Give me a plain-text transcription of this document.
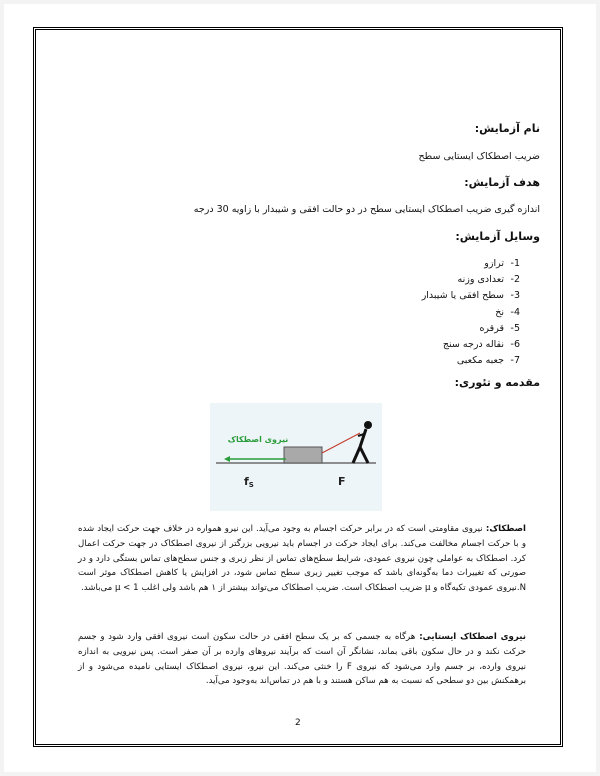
نام آزمایش:
ضریب اصطکاک ایستایی سطح
هدف آزمایش:
اندازه گیری ضریب اصطکاک ایستایی سطح در دو حالت افقی و شیبدار با زاویه 30 درجه
وسایل آزمایش:
1-ترازو
2-تعدادی وزنه
3-سطح افقی یا شیبدار
4-نخ
5-قرقره
6-نقاله درجه سنج
7-جعبه مکعبی
مقدمه و تئوری:
نیروی اصطکاک
fS	F
اصطکاک: نیروی مقاومتی است که در برابر حرکت اجسام به وجود می‌آید. این نیرو همواره در خلاف جهت حرکت ایجاد شده و با حرکت اجسام مخالفت می‌کند. برای ایجاد حرکت در اجسام باید نیرویی بزرگتر از نیروی اصطکاک در جهت حرکت اعمال کرد. اصطکاک به عواملی چون نیروی عمودی، شرایط سطح‌های تماس از نظر زبری و جنس سطح‌های تماس بستگی دارد و در صورتی که تغییرات دما به‌گونه‌ای باشد که موجب تغییر زبری سطح تماس شود، در افزایش یا کاهش اصطکاک موثر است N.نیروی عمودی تکیه‌گاه و μ ضریب اصطکاک است. ضریب اصطکاک می‌تواند بیشتر از ۱ هم باشد ولی اغلب 1 > μ می‌باشد.
نیروی اصطکاک ایستایی: هرگاه به جسمی که بر یک سطح افقی در حالت سکون است نیروی افقی وارد شود و جسم حرکت نکند و در حال سکون باقی بماند، نشانگر آن است که برآیند نیروهای وارده بر آن صفر است. پس نیرویی به اندازه نیروی وارده، بر جسم وارد می‌شود که نیروی F را خنثی می‌کند. این نیرو، نیروی اصطکاک ایستایی نامیده می‌شود و از برهمکنش بین دو سطحی که نسبت به هم ساکن هستند و با هم در تماس‌اند به‌وجود می‌آید.
2
